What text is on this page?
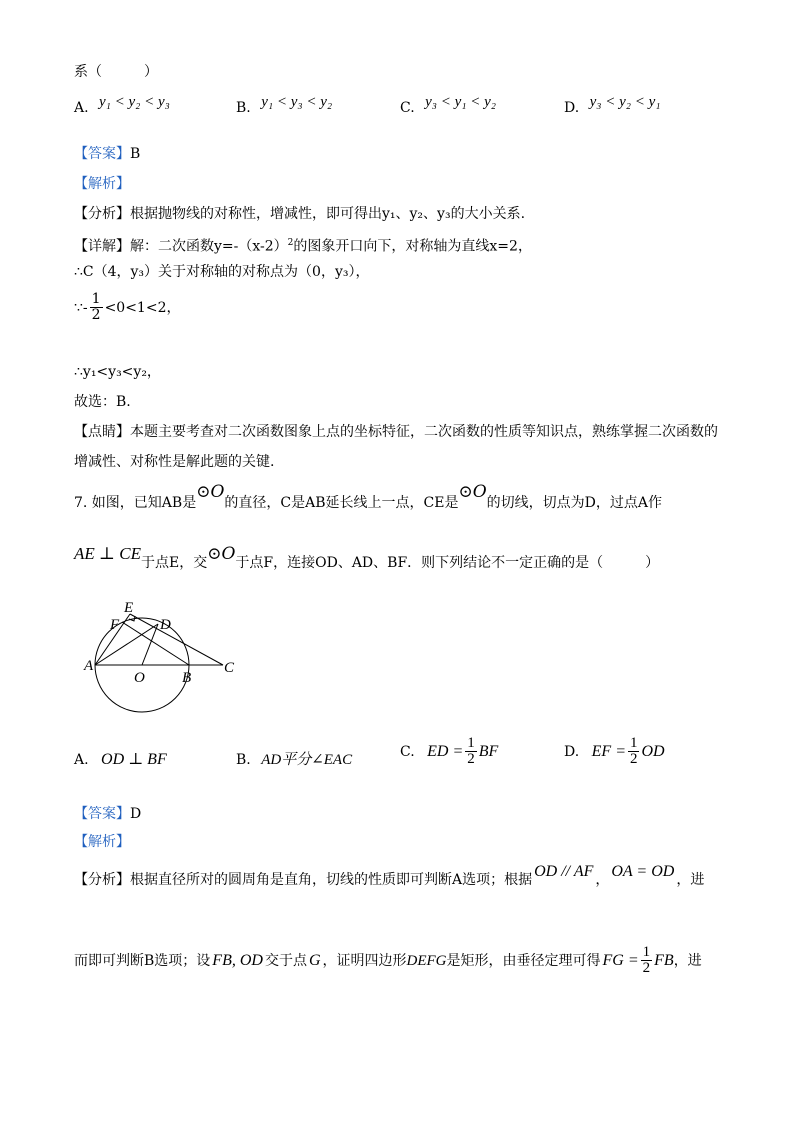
系（　　　）
A. y₁ < y₂ < y₃	B. y₁ < y₃ < y₂	C. y₃ < y₁ < y₂	D. y₃ < y₂ < y₁
【答案】B
【解析】
【分析】根据抛物线的对称性，增减性，即可得出y₁、y₂、y₃的大小关系.
【详解】解：二次函数$y=-(x-2)^2$的图象开口向下，对称轴为直线x=2，
∴C（4，y₃）关于对称轴的对称点为（0，y₃），
∵- $\frac{1}{2} <0<1<2$，
∴y₁<y₃<y₂，
故选：B.
【点睛】本题主要考查对二次函数图象上点的坐标特征，二次函数的性质等知识点，熟练掌握二次函数的
增减性、对称性是解此题的关键.
7. 如图，已知AB是⊙O的直径，C是AB延长线上一点，CE是⊙O的切线，切点为D，过点A作
AE ⊥ CE于点E，交⊙O于点F，连接OD、AD、BF．则下列结论不一定正确的是（　　　）
E
F	D
A
O B
C
A. OD ⊥ BF	B. AD平分∠EAC
C. ED = $\frac{1}{2}$ BF	D. EF = $\frac{1}{2}$ OD
【答案】D
【解析】
【分析】根据直径所对的圆周角是直角，切线的性质即可判断A选项；根据 OD // AF ， OA = OD ，进
而即可判断B选项；设 FB, OD 交于点 G ，证明四边形DEFG是矩形，由垂径定理可得 FG = $\frac{1}{2}$ FB，进
